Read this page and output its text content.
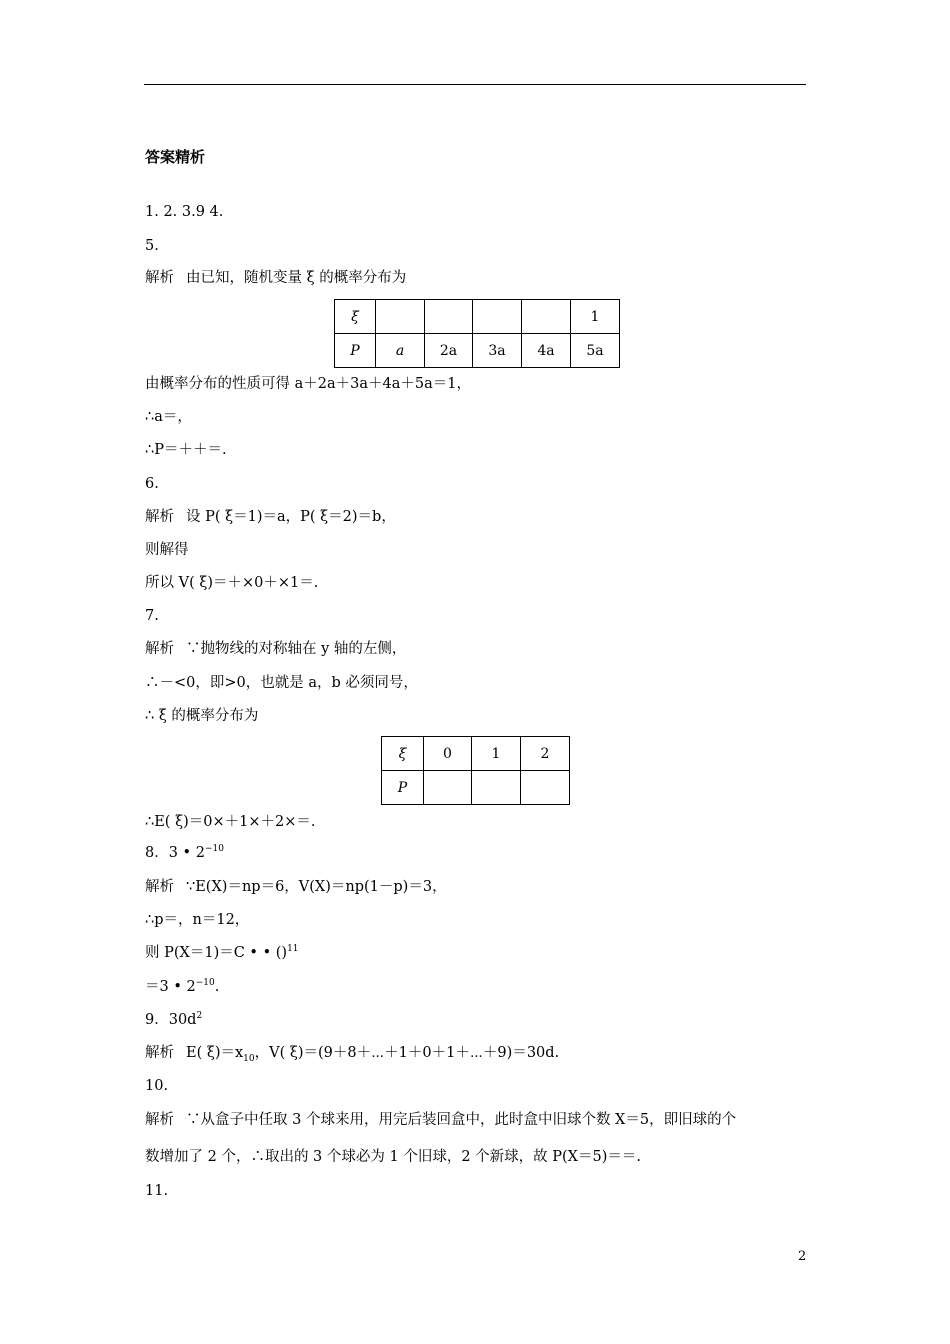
答案精析
1. 2. 3.9 4.
5.
解析 由已知，随机变量 ξ 的概率分布为
ξ					1
P	a	2a	3a	4a	5a
由概率分布的性质可得 a＋2a＋3a＋4a＋5a＝1，
∴a＝，
∴P＝＋＋＝.
6.
解析 设 P( ξ＝1)＝a，P( ξ＝2)＝b，
则解得
所以 V( ξ)＝＋×0＋×1＝.
7.
解析 ∵抛物线的对称轴在 y 轴的左侧，
∴－<0，即>0，也就是 a，b 必须同号，
∴ ξ 的概率分布为
ξ	0	1	2
P			
∴E( ξ)＝0×＋1×＋2×＝.
8．3 • $2^{-10}$
解析 ∵E(X)＝np＝6，V(X)＝np(1－p)＝3，
∴p＝，n＝12，
则 P(X＝1)＝C • • ()$^{11}$
＝3 • $2^{-10}$.
9．$30d^2$
解析 E( $\xi)=x_{10}$，V( ξ)＝(9＋8＋⋯＋1＋0＋1＋⋯＋9)＝30d.
10.
解析 ∵从盒子中任取 3 个球来用，用完后装回盒中，此时盒中旧球个数 X＝5，即旧球的个
数增加了 2 个，∴取出的 3 个球必为 1 个旧球，2 个新球，故 P(X＝5)＝＝.
11.
2
